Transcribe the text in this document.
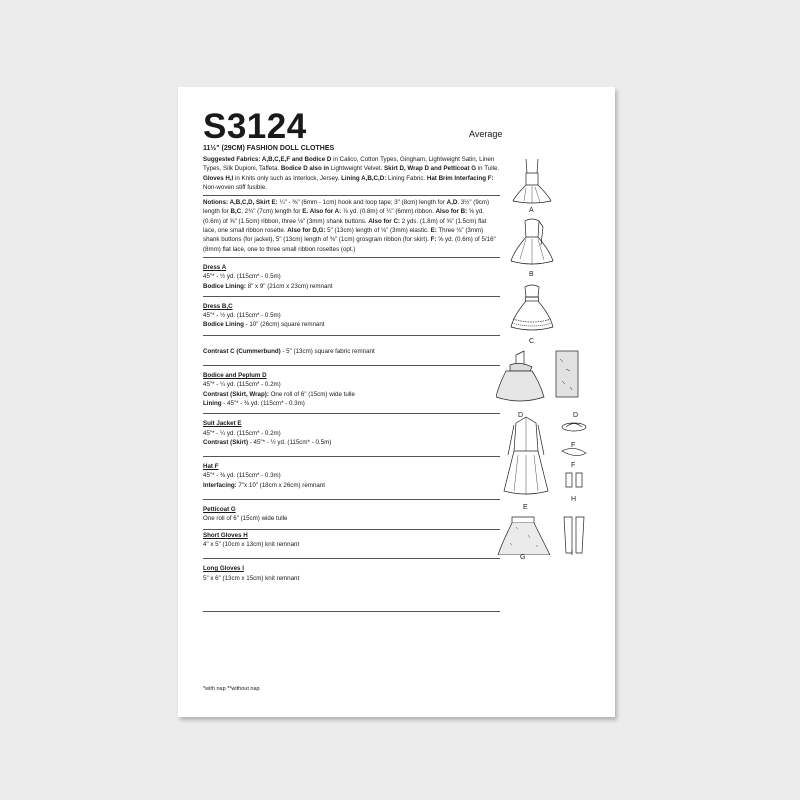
S3124	Average
11½" (29CM) FASHION DOLL CLOTHES

Suggested Fabrics: A,B,C,E,F and Bodice D in Calico, Cotton Types, Gingham, Lightweight Satin, Linen Types, Silk Dupioni, Taffeta. Bodice D also in Lightweight Velvet. Skirt D, Wrap D and Petticoat G in Tulle. Gloves H,I in Knits only such as Interlock, Jersey. Lining A,B,C,D: Lining Fabric. Hat Brim Interfacing F: Non-woven stiff fusible.

Notions: A,B,C,D, Skirt E: ¼" - ⅜" (6mm - 1cm) hook and loop tape; 3" (8cm) length for A,D, 3½" (9cm) length for B,C, 2¾" (7cm) length for E. Also for A: ⅞ yd. (0.8m) of ¼" (6mm) ribbon. Also for B: ⅝ yd. (0.6m) of ⅝" (1.5cm) ribbon, three ⅛" (3mm) shank buttons. Also for C: 2 yds. (1.8m) of ⅝" (1.5cm) flat lace, one small ribbon rosette. Also for D,G: 5" (13cm) length of ⅛" (3mm) elastic. E: Three ⅛" (3mm) shank buttons (for jacket), 5" (13cm) length of ⅜" (1cm) grosgrain ribbon (for skirt). F: ⅝ yd. (0.6m) of 5/16" (8mm) flat lace, one to three small ribbon rosettes (opt.)

Dress A
45"* - ½ yd. (115cm* - 0.5m)
Bodice Lining: 8" x 9" (21cm x 23cm) remnant
Dress B,C
45"* - ½ yd. (115cm* - 0.5m)
Bodice Lining - 10" (26cm) square remnant
Contrast C (Cummerbund) - 5" (13cm) square fabric remnant
Bodice and Peplum D
45"* - ¼ yd. (115cm* - 0.2m)
Contrast (Skirt, Wrap): One roll of 6" (15cm) wide tulle
Lining - 45"* - ⅜ yd. (115cm* - 0.3m)
Suit Jacket E
45"* - ¼ yd. (115cm* - 0.2m)
Contrast (Skirt) - 45"* - ½ yd. (115cm* - 0.5m)
Hat F
45"* - ⅜ yd. (115cm* - 0.3m)
Interfacing: 7"x 10" (18cm x 26cm) remnant
Petticoat G
One roll of 6" (15cm) wide tulle
Short Gloves H
4" x 5" (10cm x 13cm) knit remnant
Long Gloves I
5" x 6" (13cm x 15cm) knit remnant
*with nap **without nap
A
B
C
D	D
F
F
E
H
G
I
